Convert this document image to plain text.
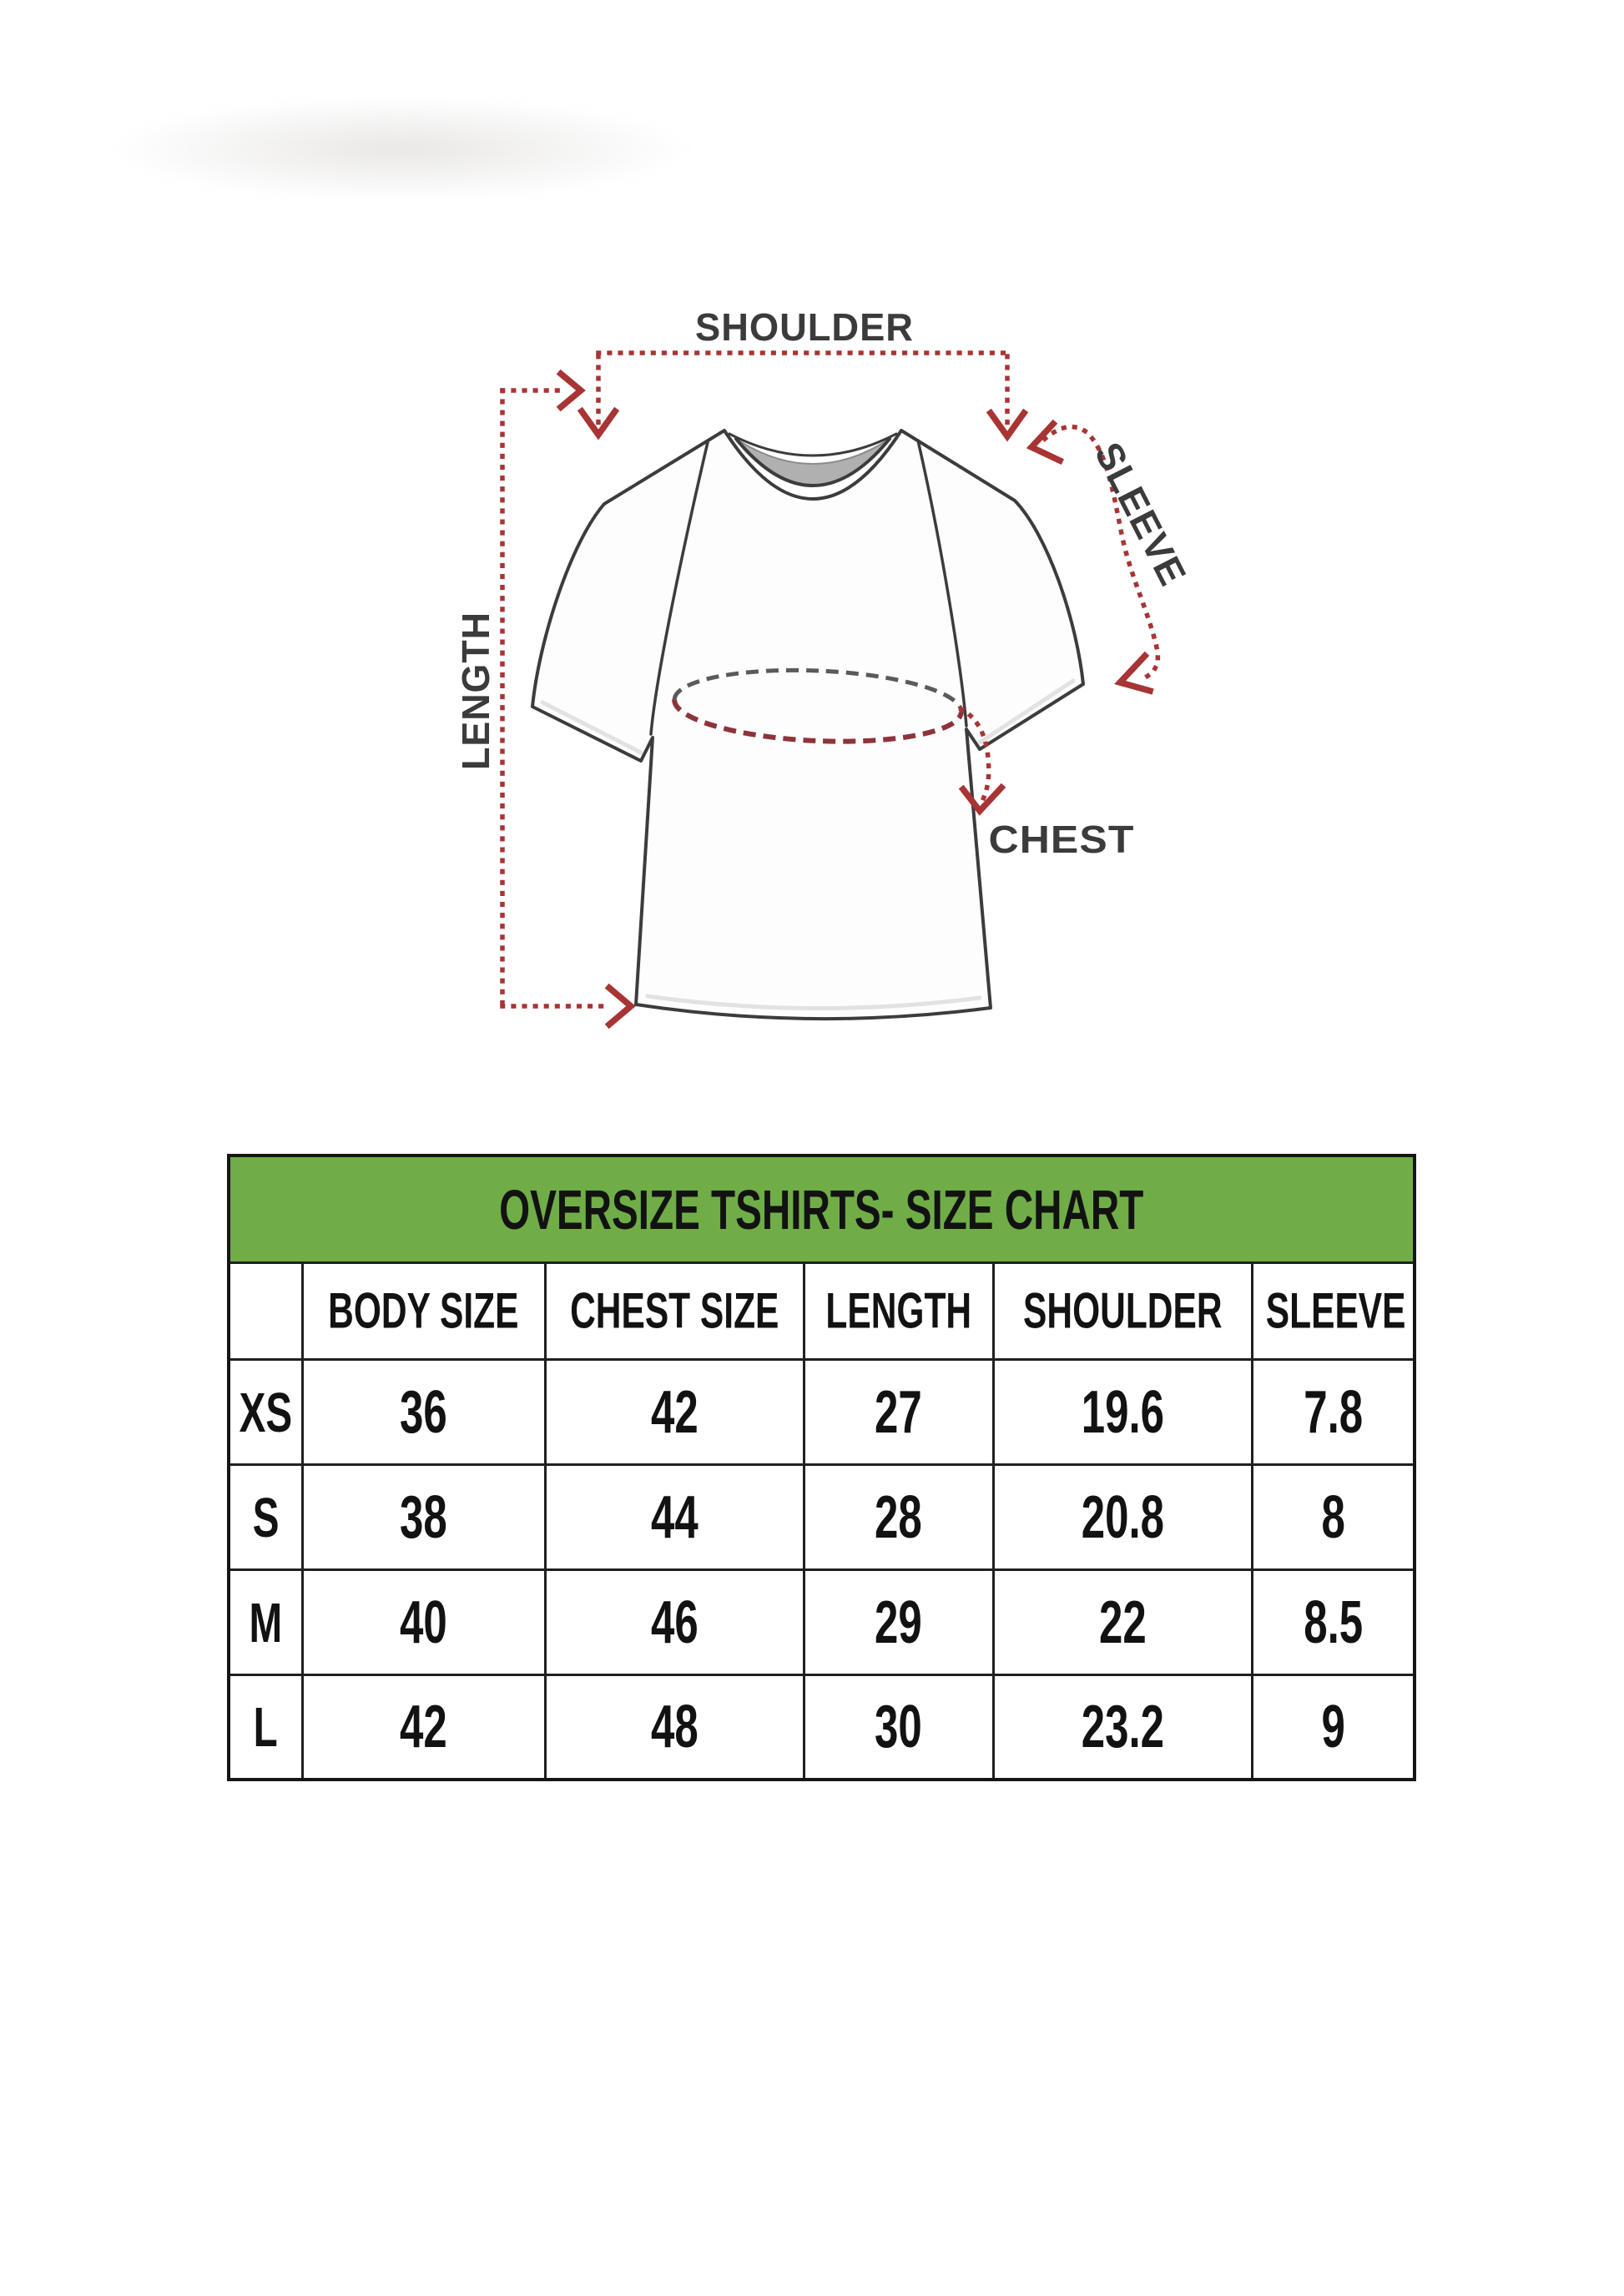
SHOULDER
LENGTH
SLEEVE
CHEST
OVERSIZE TSHIRTS- SIZE CHART					
	BODY SIZE	CHEST SIZE	LENGTH	SHOULDER	SLEEVE
XS	36	42	27	19.6	7.8
S	38	44	28	20.8	8
M	40	46	29	22	8.5
L	42	48	30	23.2	9
